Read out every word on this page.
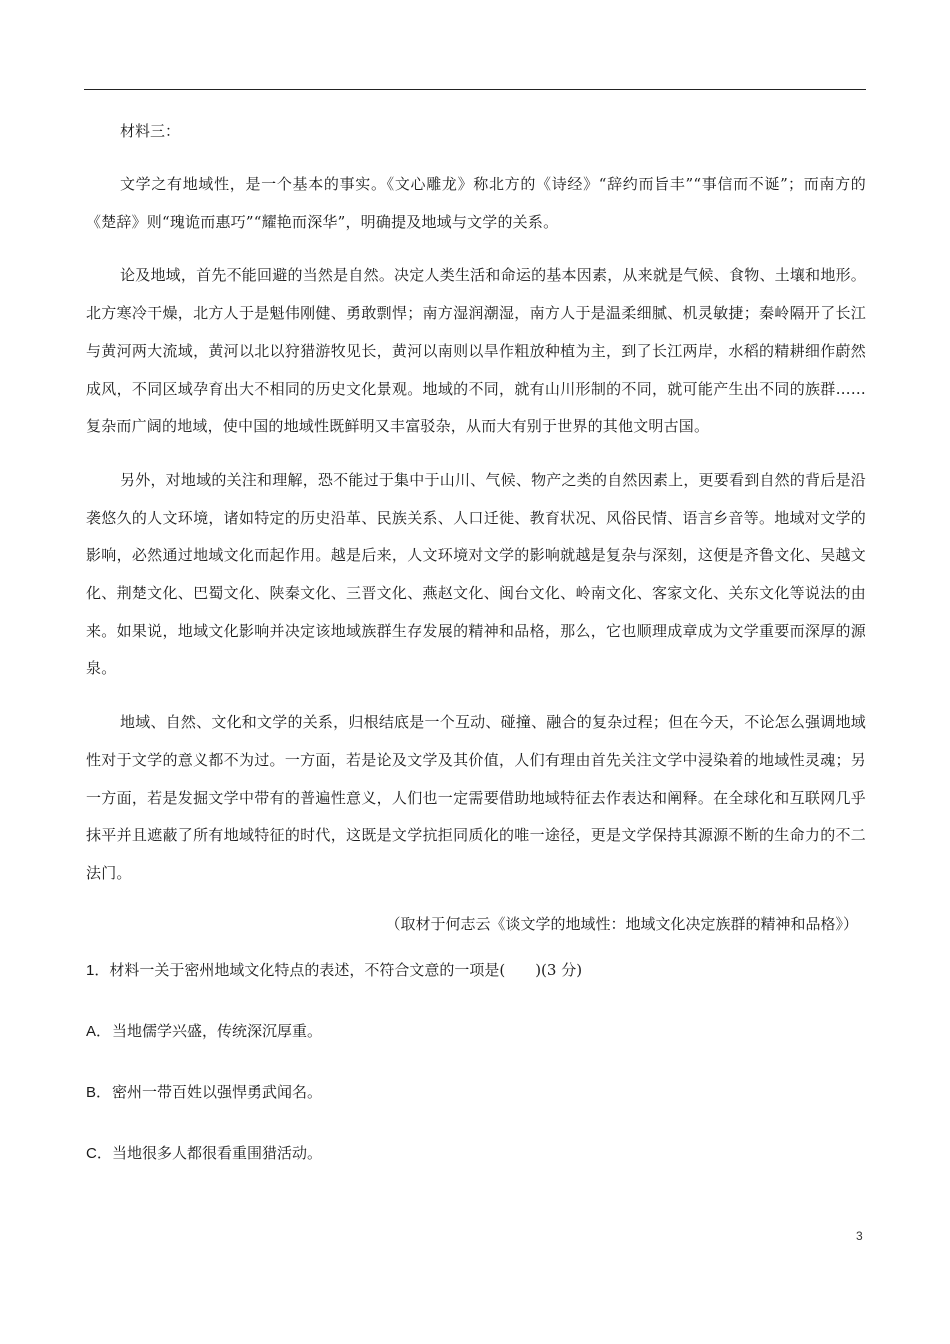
材料三：

文学之有地域性，是一个基本的事实。《文心雕龙》称北方的《诗经》“辞约而旨丰”“事信而不诞”；而南方的《楚辞》则“瑰诡而惠巧”“耀艳而深华”，明确提及地域与文学的关系。

论及地域，首先不能回避的当然是自然。决定人类生活和命运的基本因素，从来就是气候、食物、土壤和地形。北方寒冷干燥，北方人于是魁伟刚健、勇敢剽悍；南方湿润潮湿，南方人于是温柔细腻、机灵敏捷；秦岭隔开了长江与黄河两大流域，黄河以北以狩猎游牧见长，黄河以南则以旱作粗放种植为主，到了长江两岸，水稻的精耕细作蔚然成风，不同区域孕育出大不相同的历史文化景观。地域的不同，就有山川形制的不同，就可能产生出不同的族群……复杂而广阔的地域，使中国的地域性既鲜明又丰富驳杂，从而大有别于世界的其他文明古国。

另外，对地域的关注和理解，恐不能过于集中于山川、气候、物产之类的自然因素上，更要看到自然的背后是沿袭悠久的人文环境，诸如特定的历史沿革、民族关系、人口迁徙、教育状况、风俗民情、语言乡音等。地域对文学的影响，必然通过地域文化而起作用。越是后来，人文环境对文学的影响就越是复杂与深刻，这便是齐鲁文化、吴越文化、荆楚文化、巴蜀文化、陕秦文化、三晋文化、燕赵文化、闽台文化、岭南文化、客家文化、关东文化等说法的由来。如果说，地域文化影响并决定该地域族群生存发展的精神和品格，那么，它也顺理成章成为文学重要而深厚的源泉。

地域、自然、文化和文学的关系，归根结底是一个互动、碰撞、融合的复杂过程；但在今天，不论怎么强调地域性对于文学的意义都不为过。一方面，若是论及文学及其价值，人们有理由首先关注文学中浸染着的地域性灵魂；另一方面，若是发掘文学中带有的普遍性意义，人们也一定需要借助地域特征去作表达和阐释。在全球化和互联网几乎抹平并且遮蔽了所有地域特征的时代，这既是文学抗拒同质化的唯一途径，更是文学保持其源源不断的生命力的不二法门。

（取材于何志云《谈文学的地域性：地域文化决定族群的精神和品格》）

1．材料一关于密州地域文化特点的表述，不符合文意的一项是(　　)(3 分)

A．当地儒学兴盛，传统深沉厚重。

B．密州一带百姓以强悍勇武闻名。

C．当地很多人都很看重围猎活动。

3
